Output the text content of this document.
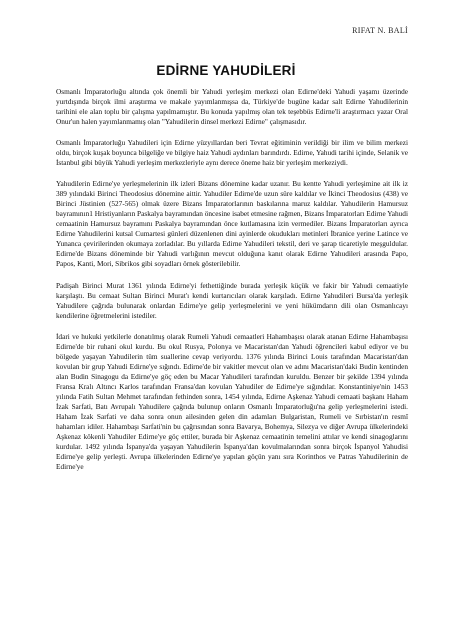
RIFAT N. BALİ
EDİRNE YAHUDİLERİ

Osmanlı İmparatorluğu altında çok önemli bir Yahudi yerleşim merkezi olan Edirne'deki Yahudi yaşamı üzerinde yurtdışında birçok ilmi araştırma ve makale yayımlanmışsa da, Türkiye'de bugüne kadar salt Edirne Yahudilerinin tarihini ele alan toplu bir çalışma yapılmamıştır. Bu konuda yapılmış olan tek teşebbüs Edirne'li araştırmacı yazar Oral Onur'un halen yayımlanmamış olan "Yahudilerin dinsel merkezi Edirne" çalışmasıdır.

Osmanlı İmparatorluğu Yahudileri için Edirne yüzyıllardan beri Tevrat eğitiminin verildiği bir ilim ve bilim merkezi oldu, birçok kuşak boyunca bilgeliğe ve bilgiye haiz Yahudi aydınları barındırdı. Edirne, Yahudi tarihi içinde, Selanik ve İstanbul gibi büyük Yahudi yerleşim merkezleriyle aynı derece öneme haiz bir yerleşim merkeziydi.

Yahudilerin Edirne'ye yerleşmelerinin ilk izleri Bizans dönemine kadar uzanır. Bu kentte Yahudi yerleşimine ait ilk iz 389 yılındaki Birinci Theodosius dönemine aittir. Yahudiler Edirne'de uzun süre kaldılar ve İkinci Theodosius (438) ve Birinci Jüstinien (527-565) olmak üzere Bizans İmparatorlarının baskılarına maruz kaldılar. Yahudilerin Hamursuz bayramının1 Hristiyanların Paskalya bayramından öncesine isabet etmesine rağmen, Bizans İmparatorları Edirne Yahudi cemaatinin Hamursuz bayramını Paskalya bayramından önce kutlamasına izin vermediler. Bizans İmparatorları ayrıca Edirne Yahudilerini kutsal Cumartesi günleri düzenlenen dini ayinlerde okudukları metinleri İbranice yerine Latince ve Yunanca çevirilerinden okumaya zorladılar. Bu yıllarda Edirne Yahudileri tekstil, deri ve şarap ticaretiyle meşguldular. Edirne'de Bizans döneminde bir Yahudi varlığının mevcut olduğuna kanıt olarak Edirne Yahudileri arasında Papo, Papos, Kanti, Mori, Sibrikos gibi soyadları örnek gösterilebilir.

Padişah Birinci Murat 1361 yılında Edirne'yi fethettiğinde burada yerleşik küçük ve fakir bir Yahudi cemaatiyle karşılaştı. Bu cemaat Sultan Birinci Murat'ı kendi kurtarıcıları olarak karşıladı. Edirne Yahudileri Bursa'da yerleşik Yahudilere çağrıda bulunarak onlardan Edirne'ye gelip yerleşmelerini ve yeni hükümdarın dili olan Osmanlıcayı kendilerine öğretmelerini istediler.

İdari ve hukuki yetkilerle donatılmış olarak Rumeli Yahudi cemaatleri Hahambaşısı olarak atanan Edirne Hahambaşısı Edirne'de bir ruhani okul kurdu. Bu okul Rusya, Polonya ve Macaristan'dan Yahudi öğrencileri kabul ediyor ve bu bölgede yaşayan Yahudilerin tüm suallerine cevap veriyordu. 1376 yılında Birinci Louis tarafından Macaristan'dan kovulan bir grup Yahudi Edirne'ye sığındı. Edirne'de bir vakitler mevcut olan ve adını Macaristan'daki Budin kentinden alan Budin Sinagogu da Edirne'ye göç eden bu Macar Yahudileri tarafından kuruldu. Benzer bir şekilde 1394 yılında Fransa Kralı Altıncı Karlos tarafından Fransa'dan kovulan Yahudiler de Edirne'ye sığındılar. Konstantiniye'nin 1453 yılında Fatih Sultan Mehmet tarafından fethinden sonra, 1454 yılında, Edirne Aşkenaz Yahudi cemaati başkanı Haham İzak Sarfati, Batı Avrupalı Yahudilere çağrıda bulunup onların Osmanlı İmparatorluğu'na gelip yerleşmelerini istedi. Haham İzak Sarfati ve daha sonra onun ailesinden gelen din adamları Bulgaristan, Rumeli ve Sırbistan'ın resmî hahamları idiler. Hahambaşı Sarfati'nin bu çağrısından sonra Bavarya, Bohemya, Silezya ve diğer Avrupa ülkelerindeki Aşkenaz kökenli Yahudiler Edirne'ye göç ettiler, burada bir Aşkenaz cemaatinin temelini attılar ve kendi sinagoglarını kurdular. 1492 yılında İspanya'da yaşayan Yahudilerin İspanya'dan kovulmalarından sonra birçok İspanyol Yahudisi Edirne'ye gelip yerleşti. Avrupa ülkelerinden Edirne'ye yapılan göçün yanı sıra Korinthos ve Patras Yahudilerinin de Edirne'ye
